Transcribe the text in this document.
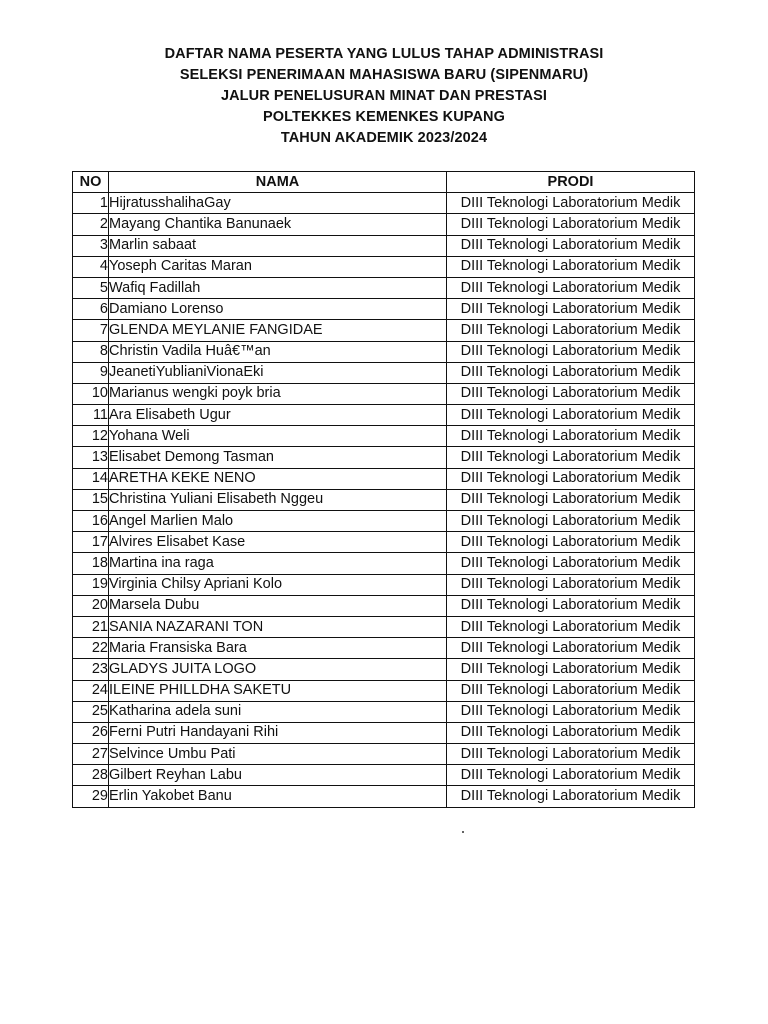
DAFTAR NAMA PESERTA YANG LULUS TAHAP ADMINISTRASI
SELEKSI PENERIMAAN MAHASISWA BARU (SIPENMARU)
JALUR PENELUSURAN MINAT DAN PRESTASI
POLTEKKES KEMENKES KUPANG
TAHUN AKADEMIK 2023/2024
NO	NAMA	PRODI
1	HijratusshalihaGay	DIII Teknologi Laboratorium Medik
2	Mayang Chantika Banunaek	DIII Teknologi Laboratorium Medik
3	Marlin sabaat	DIII Teknologi Laboratorium Medik
4	Yoseph Caritas Maran	DIII Teknologi Laboratorium Medik
5	Wafiq Fadillah	DIII Teknologi Laboratorium Medik
6	Damiano Lorenso	DIII Teknologi Laboratorium Medik
7	GLENDA MEYLANIE FANGIDAE	DIII Teknologi Laboratorium Medik
8	Christin Vadila Huâ€™an	DIII Teknologi Laboratorium Medik
9	JeanetiYublianiVionaEki	DIII Teknologi Laboratorium Medik
10	Marianus wengki poyk bria	DIII Teknologi Laboratorium Medik
11	Ara Elisabeth Ugur	DIII Teknologi Laboratorium Medik
12	Yohana Weli	DIII Teknologi Laboratorium Medik
13	Elisabet Demong Tasman	DIII Teknologi Laboratorium Medik
14	ARETHA KEKE NENO	DIII Teknologi Laboratorium Medik
15	Christina Yuliani Elisabeth Nggeu	DIII Teknologi Laboratorium Medik
16	Angel Marlien Malo	DIII Teknologi Laboratorium Medik
17	Alvires Elisabet Kase	DIII Teknologi Laboratorium Medik
18	Martina ina raga	DIII Teknologi Laboratorium Medik
19	Virginia Chilsy Apriani Kolo	DIII Teknologi Laboratorium Medik
20	Marsela Dubu	DIII Teknologi Laboratorium Medik
21	SANIA NAZARANI TON	DIII Teknologi Laboratorium Medik
22	Maria Fransiska Bara	DIII Teknologi Laboratorium Medik
23	GLADYS JUITA LOGO	DIII Teknologi Laboratorium Medik
24	ILEINE PHILLDHA SAKETU	DIII Teknologi Laboratorium Medik
25	Katharina adela suni	DIII Teknologi Laboratorium Medik
26	Ferni Putri Handayani Rihi	DIII Teknologi Laboratorium Medik
27	Selvince Umbu Pati	DIII Teknologi Laboratorium Medik
28	Gilbert Reyhan Labu	DIII Teknologi Laboratorium Medik
29	Erlin Yakobet Banu	DIII Teknologi Laboratorium Medik
